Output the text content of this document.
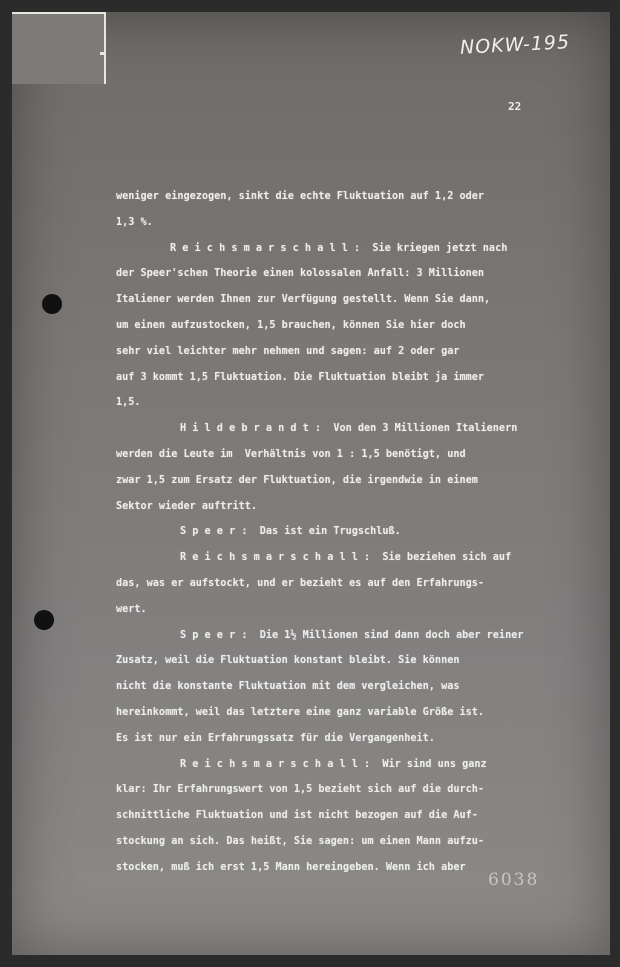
NOKW-195
22
weniger eingezogen, sinkt die echte Fluktuation auf 1,2 oder
1,3 %.
R e i c h s m a r s c h a l l :  Sie kriegen jetzt nach
der Speer'schen Theorie einen kolossalen Anfall: 3 Millionen
Italiener werden Ihnen zur Verfügung gestellt. Wenn Sie dann,
um einen aufzustocken, 1,5 brauchen, können Sie hier doch
sehr viel leichter mehr nehmen und sagen: auf 2 oder gar
auf 3 kommt 1,5 Fluktuation. Die Fluktuation bleibt ja immer
1,5.
H i l d e b r a n d t :  Von den 3 Millionen Italienern
werden die Leute im  Verhältnis von 1 : 1,5 benötigt, und
zwar 1,5 zum Ersatz der Fluktuation, die irgendwie in einem
Sektor wieder auftritt.
S p e e r :  Das ist ein Trugschluß.
R e i c h s m a r s c h a l l :  Sie beziehen sich auf
das, was er aufstockt, und er bezieht es auf den Erfahrungs-
wert.
S p e e r :  Die 1½ Millionen sind dann doch aber reiner
Zusatz, weil die Fluktuation konstant bleibt. Sie können
nicht die konstante Fluktuation mit dem vergleichen, was
hereinkommt, weil das letztere eine ganz variable Größe ist.
Es ist nur ein Erfahrungssatz für die Vergangenheit.
R e i c h s m a r s c h a l l :  Wir sind uns ganz
klar: Ihr Erfahrungswert von 1,5 bezieht sich auf die durch-
schnittliche Fluktuation und ist nicht bezogen auf die Auf-
stockung an sich. Das heißt, Sie sagen: um einen Mann aufzu-
stocken, muß ich erst 1,5 Mann hereingeben. Wenn ich aber
6038
